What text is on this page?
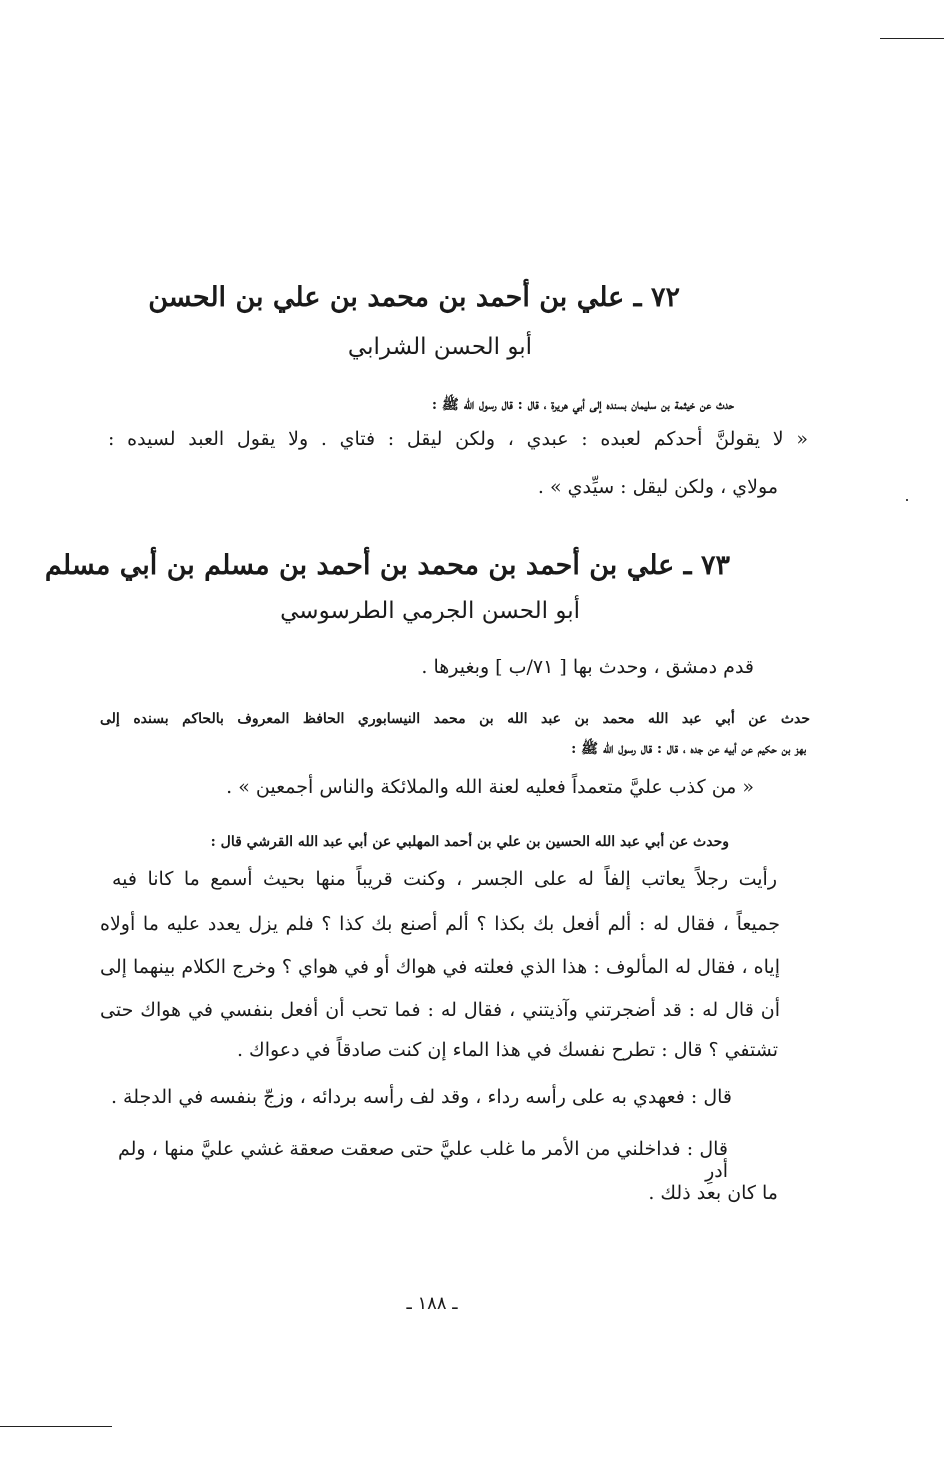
٧٢ ـ علي بن أحمد بن محمد بن علي بن الحسن
أبو الحسن الشرابي
حدث عن خيثمة بن سليمان بسنده إلى أبي هريرة ، قال : قال رسول الله ﷺ :
« لا يقولنَّ أحدكم لعبده : عبدي ، ولكن ليقل : فتاي . ولا يقول العبد لسيده :
مولاي ، ولكن ليقل : سيِّدي » .
٧٣ ـ علي بن أحمد بن محمد بن أحمد بن مسلم بن أبي مسلم
أبو الحسن الجرمي الطرسوسي
قدم دمشق ، وحدث بها [ ٧١/ب ] وبغيرها .
حدث عن أبي عبد الله محمد بن عبد الله بن محمد النيسابوري الحافظ المعروف بالحاكم بسنده إلى
بهز بن حكيم عن أبيه عن جده ، قال : قال رسول الله ﷺ :
« من كذب عليَّ متعمداً فعليه لعنة الله والملائكة والناس أجمعين » .
وحدث عن أبي عبد الله الحسين بن علي بن أحمد المهلبي عن أبي عبد الله القرشي قال :
رأيت رجلاً يعاتب إلفاً له على الجسر ، وكنت قريباً منها بحيث أسمع ما كانا فيه
جميعاً ، فقال له : ألم أفعل بك بكذا ؟ ألم أصنع بك كذا ؟ فلم يزل يعدد عليه ما أولاه
إياه ، فقال له المألوف : هذا الذي فعلته في هواك أو في هواي ؟ وخرج الكلام بينهما إلى
أن قال له : قد أضجرتني وآذيتني ، فقال له : فما تحب أن أفعل بنفسي في هواك حتى
تشتفي ؟ قال : تطرح نفسك في هذا الماء إن كنت صادقاً في دعواك .
قال : فعهدي به على رأسه رداء ، وقد لف رأسه بردائه ، وزجّ بنفسه في الدجلة .
قال : فداخلني من الأمر ما غلب عليَّ حتى صعقت صعقة غشي عليَّ منها ، ولم أدرِ
ما كان بعد ذلك .
ـ ١٨٨ ـ
